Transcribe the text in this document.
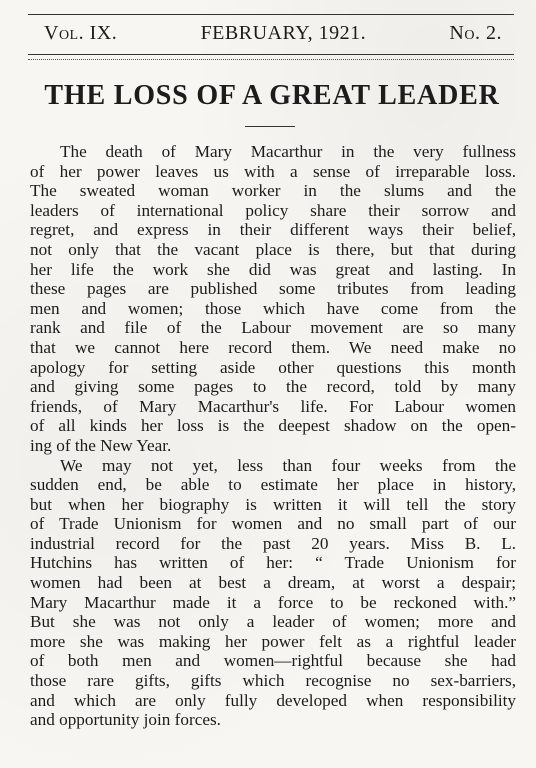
Vol. IX.	FEBRUARY, 1921.	No. 2.
THE LOSS OF A GREAT LEADER
The death of Mary Macarthur in the very fullness
of her power leaves us with a sense of irreparable loss.
The sweated woman worker in the slums and the
leaders of international policy share their sorrow and
regret, and express in their different ways their belief,
not only that the vacant place is there, but that during
her life the work she did was great and lasting. In
these pages are published some tributes from leading
men and women; those which have come from the
rank and file of the Labour movement are so many
that we cannot here record them. We need make no
apology for setting aside other questions this month
and giving some pages to the record, told by many
friends, of Mary Macarthur's life. For Labour women
of all kinds her loss is the deepest shadow on the open-
ing of the New Year.
We may not yet, less than four weeks from the
sudden end, be able to estimate her place in history,
but when her biography is written it will tell the story
of Trade Unionism for women and no small part of our
industrial record for the past 20 years. Miss B. L.
Hutchins has written of her: “ Trade Unionism for
women had been at best a dream, at worst a despair;
Mary Macarthur made it a force to be reckoned with.”
But she was not only a leader of women; more and
more she was making her power felt as a rightful leader
of both men and women—rightful because she had
those rare gifts, gifts which recognise no sex-barriers,
and which are only fully developed when responsibility
and opportunity join forces.
